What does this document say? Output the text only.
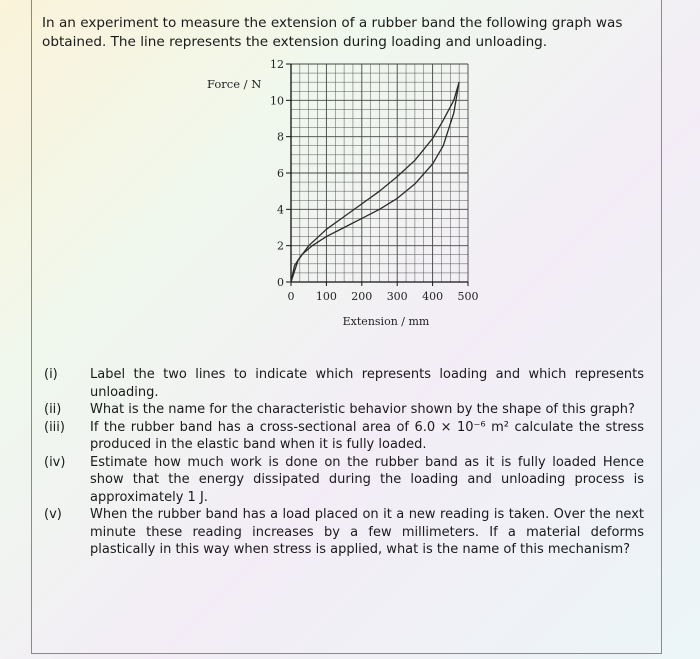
In an experiment to measure the extension of a rubber band the following graph was obtained. The line represents the extension during loading and unloading.

0
2
4
6
8
10
12
0 100 200 300 400 500
Force / N
Extension / mm
(i)	Label the two lines to indicate which represents loading and which represents unloading.
(ii)	What is the name for the characteristic behavior shown by the shape of this graph?
(iii)	If the rubber band has a cross-sectional area of 6.0 × 10⁻⁶ m² calculate the stress produced in the elastic band when it is fully loaded.
(iv)	Estimate how much work is done on the rubber band as it is fully loaded Hence show that the energy dissipated during the loading and unloading process is approximately 1 J.
(v)	When the rubber band has a load placed on it a new reading is taken. Over the next minute these reading increases by a few millimeters. If a material deforms plastically in this way when stress is applied, what is the name of this mechanism?
